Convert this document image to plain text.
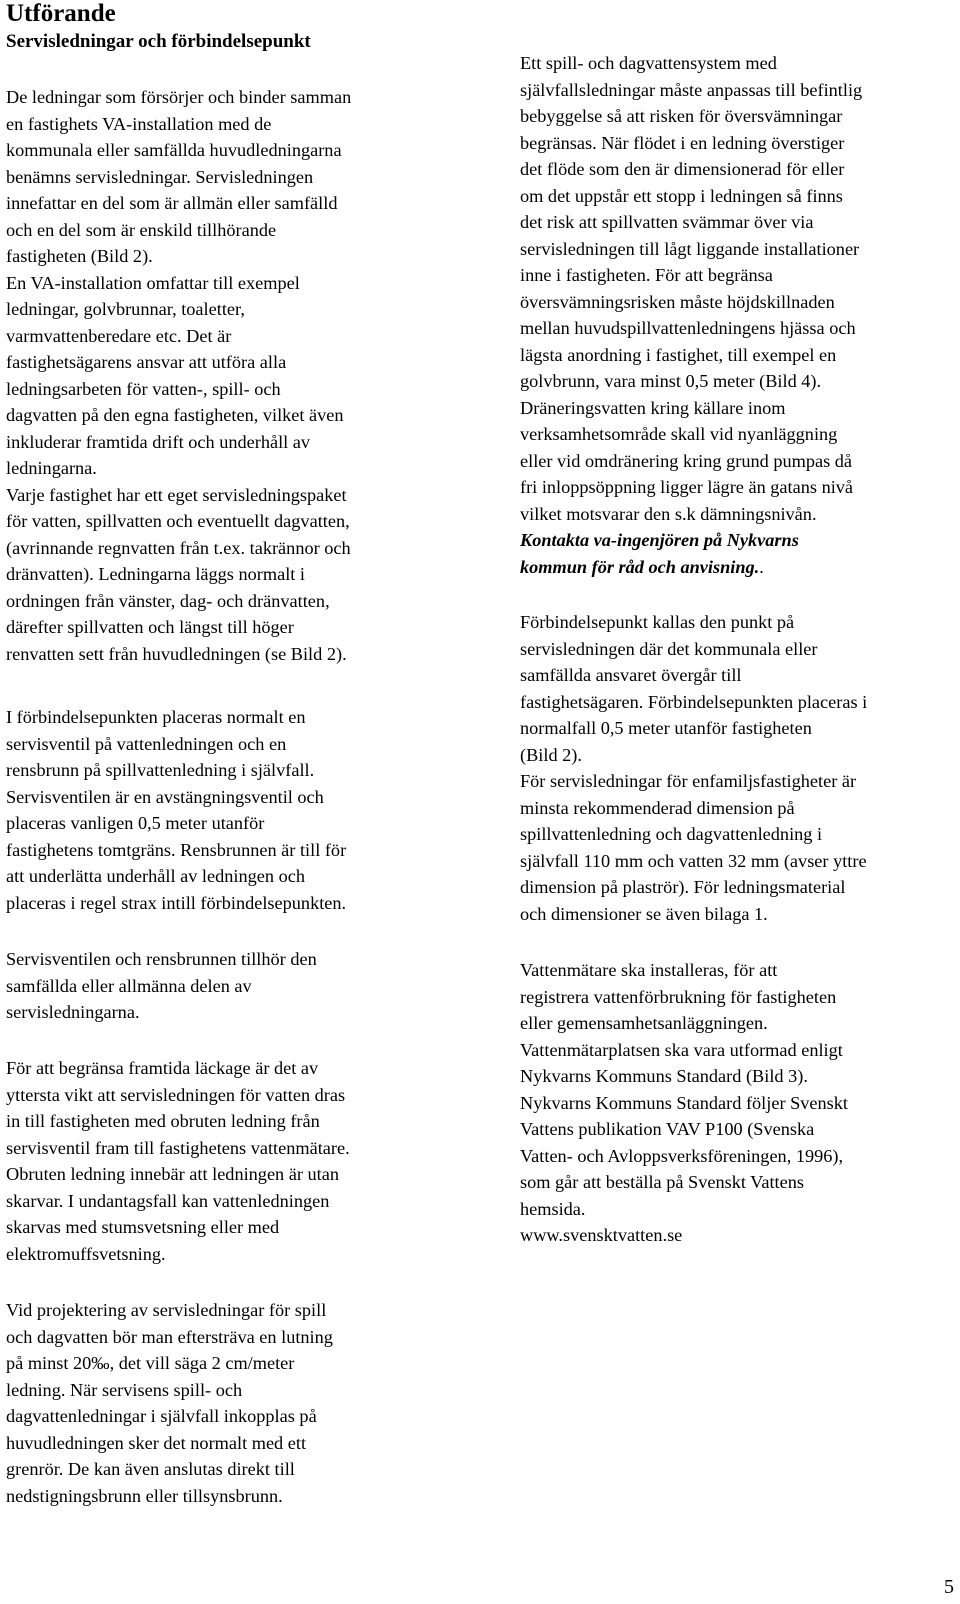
Utförande
Servisledningar och förbindelsepunkt

De ledningar som försörjer och binder samman

en fastighets VA-installation med de

kommunala eller samfällda huvudledningarna

benämns servisledningar. Servisledningen

innefattar en del som är allmän eller samfälld

och en del som är enskild tillhörande

fastigheten (Bild 2).

En VA-installation omfattar till exempel

ledningar, golvbrunnar, toaletter,

varmvattenberedare etc. Det är

fastighetsägarens ansvar att utföra alla

ledningsarbeten för vatten-, spill- och

dagvatten på den egna fastigheten, vilket även

inkluderar framtida drift och underhåll av

ledningarna.

Varje fastighet har ett eget servisledningspaket

för vatten, spillvatten och eventuellt dagvatten,

(avrinnande regnvatten från t.ex. takrännor och

dränvatten). Ledningarna läggs normalt i

ordningen från vänster, dag- och dränvatten,

därefter spillvatten och längst till höger

renvatten sett från huvudledningen (se Bild 2).

I förbindelsepunkten placeras normalt en

servisventil på vattenledningen och en

rensbrunn på spillvattenledning i självfall.

Servisventilen är en avstängningsventil och

placeras vanligen 0,5 meter utanför

fastighetens tomtgräns. Rensbrunnen är till för

att underlätta underhåll av ledningen och

placeras i regel strax intill förbindelsepunkten.

Servisventilen och rensbrunnen tillhör den

samfällda eller allmänna delen av

servisledningarna.

För att begränsa framtida läckage är det av

yttersta vikt att servisledningen för vatten dras

in till fastigheten med obruten ledning från

servisventil fram till fastighetens vattenmätare.

Obruten ledning innebär att ledningen är utan

skarvar. I undantagsfall kan vattenledningen

skarvas med stumsvetsning eller med

elektromuffsvetsning.

Vid projektering av servisledningar för spill

och dagvatten bör man eftersträva en lutning

på minst 20‰, det vill säga 2 cm/meter

ledning. När servisens spill- och

dagvattenledningar i självfall inkopplas på

huvudledningen sker det normalt med ett

grenrör. De kan även anslutas direkt till

nedstigningsbrunn eller tillsynsbrunn.

Ett spill- och dagvattensystem med

självfallsledningar måste anpassas till befintlig

bebyggelse så att risken för översvämningar

begränsas. När flödet i en ledning överstiger

det flöde som den är dimensionerad för eller

om det uppstår ett stopp i ledningen så finns

det risk att spillvatten svämmar över via

servisledningen till lågt liggande installationer

inne i fastigheten. För att begränsa

översvämningsrisken måste höjdskillnaden

mellan huvudspillvattenledningens hjässa och

lägsta anordning i fastighet, till exempel en

golvbrunn, vara minst 0,5 meter (Bild 4).

Dräneringsvatten kring källare inom

verksamhetsområde skall vid nyanläggning

eller vid omdränering kring grund pumpas då

fri inloppsöppning ligger lägre än gatans nivå

vilket motsvarar den s.k dämningsnivån.

Kontakta va-ingenjören på Nykvarns

kommun för råd och anvisning..

Förbindelsepunkt kallas den punkt på

servisledningen där det kommunala eller

samfällda ansvaret övergår till

fastighetsägaren. Förbindelsepunkten placeras i

normalfall 0,5 meter utanför fastigheten

(Bild 2).

För servisledningar för enfamiljsfastigheter är

minsta rekommenderad dimension på

spillvattenledning och dagvattenledning i

självfall 110 mm och vatten 32 mm (avser yttre

dimension på plaströr). För ledningsmaterial

och dimensioner se även bilaga 1.

Vattenmätare ska installeras, för att

registrera vattenförbrukning för fastigheten

eller gemensamhetsanläggningen.

Vattenmätarplatsen ska vara utformad enligt

Nykvarns Kommuns Standard (Bild 3).

Nykvarns Kommuns Standard följer Svenskt

Vattens publikation VAV P100 (Svenska

Vatten- och Avloppsverksföreningen, 1996),

som går att beställa på Svenskt Vattens

hemsida.

www.svensktvatten.se

5
